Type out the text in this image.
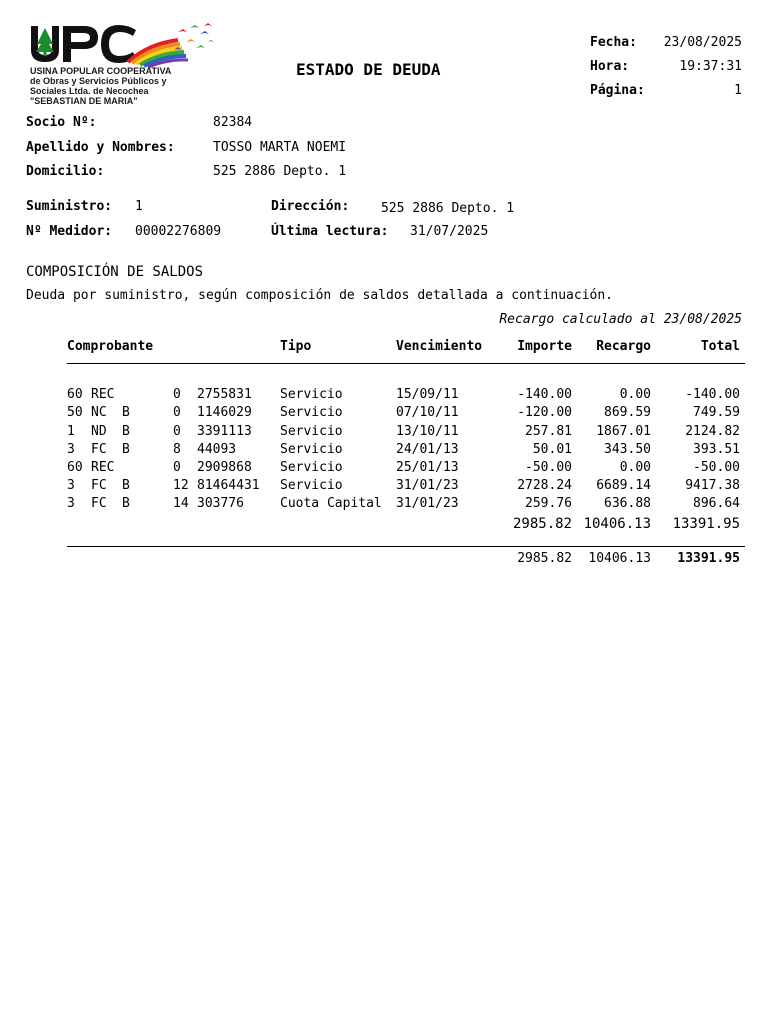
USINA POPULAR COOPERATIVA
de Obras y Servicios Públicos y
Sociales Ltda. de Necochea
"SEBASTIAN DE MARIA"
ESTADO DE DEUDA
Fecha: 23/08/2025
Hora:	19:37:31
Página:	1
Socio Nº:	82384
Apellido y Nombres:	TOSSO MARTA NOEMI
Domicilio:	525 2886 Depto. 1
Suministro: 1	Dirección: 525 2886 Depto. 1
Nº Medidor: 00002276809	Última lectura: 31/07/2025
COMPOSICIÓN DE SALDOS
Deuda por suministro, según composición de saldos detallada a continuación.
Recargo calculado al 23/08/2025
Comprobante	Tipo	Vencimiento	Importe Recargo	Total
60 REC	0 2755831 Servicio	15/09/11	-140.00	0.00	-140.00
50 NC B	0 1146029 Servicio	07/10/11	-120.00 869.59	749.59
1 ND B	0 3391113 Servicio	13/10/11	257.81 1867.01	2124.82
3 FC B	8 44093	Servicio	24/01/13	50.01 343.50	393.51
60 REC	0 2909868 Servicio	25/01/13	-50.00	0.00	-50.00
3 FC B	12 81464431 Servicio	31/01/23	2728.24 6689.14	9417.38
3 FC B	14 303776	Cuota Capital 31/01/23	259.76 636.88	896.64
2985.82 10406.13 13391.95
2985.82 10406.13 13391.95
